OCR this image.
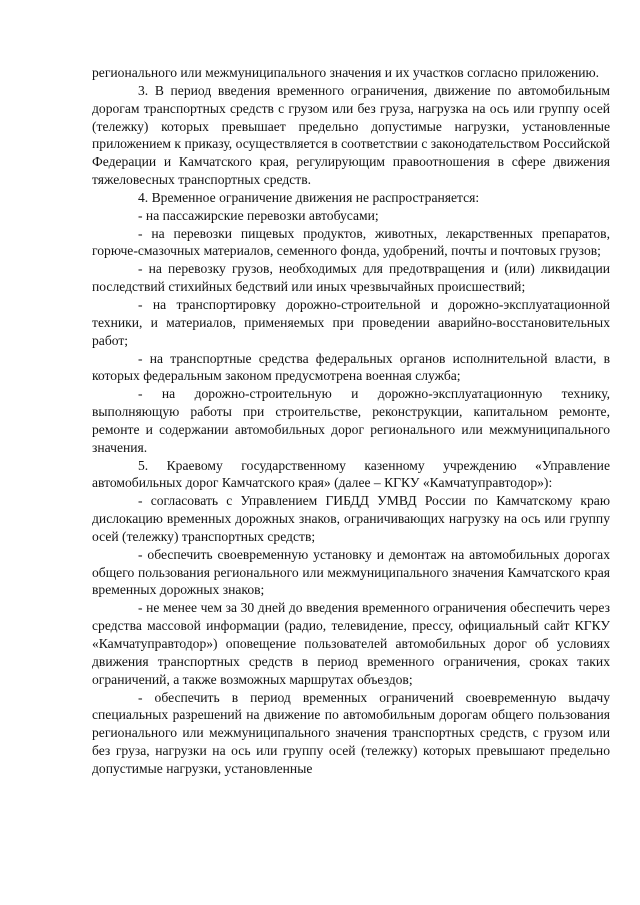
регионального или межмуниципального значения и их участков согласно приложению.

3. В период введения временного ограничения, движение по автомобильным дорогам транспортных средств с грузом или без груза, нагрузка на ось или группу осей (тележку) которых превышает предельно допустимые нагрузки, установленные приложением к приказу, осуществляется в соответствии с законодательством Российской Федерации и Камчатского края, регулирующим правоотношения в сфере движения тяжеловесных транспортных средств.

4. Временное ограничение движения не распространяется:

- на пассажирские перевозки автобусами;

- на перевозки пищевых продуктов, животных, лекарственных препаратов, горюче-смазочных материалов, семенного фонда, удобрений, почты и почтовых грузов;

- на перевозку грузов, необходимых для предотвращения и (или) ликвидации последствий стихийных бедствий или иных чрезвычайных происшествий;

- на транспортировку дорожно-строительной и дорожно-эксплуатационной техники, и материалов, применяемых при проведении аварийно-восстановительных работ;

- на транспортные средства федеральных органов исполнительной власти, в которых федеральным законом предусмотрена военная служба;

- на дорожно-строительную и дорожно-эксплуатационную технику, выполняющую работы при строительстве, реконструкции, капитальном ремонте, ремонте и содержании автомобильных дорог регионального или межмуниципального значения.

5. Краевому государственному казенному учреждению «Управление автомобильных дорог Камчатского края» (далее – КГКУ «Камчатуправтодор»):

- согласовать с Управлением ГИБДД УМВД России по Камчатскому краю дислокацию временных дорожных знаков, ограничивающих нагрузку на ось или группу осей (тележку) транспортных средств;

- обеспечить своевременную установку и демонтаж на автомобильных дорогах общего пользования регионального или межмуниципального значения Камчатского края временных дорожных знаков;

- не менее чем за 30 дней до введения временного ограничения обеспечить через средства массовой информации (радио, телевидение, прессу, официальный сайт КГКУ «Камчатуправтодор») оповещение пользователей автомобильных дорог об условиях движения транспортных средств в период временного ограничения, сроках таких ограничений, а также возможных маршрутах объездов;

- обеспечить в период временных ограничений своевременную выдачу специальных разрешений на движение по автомобильным дорогам общего пользования регионального или межмуниципального значения транспортных средств, с грузом или без груза, нагрузки на ось или группу осей (тележку) которых превышают предельно допустимые нагрузки, установленные
